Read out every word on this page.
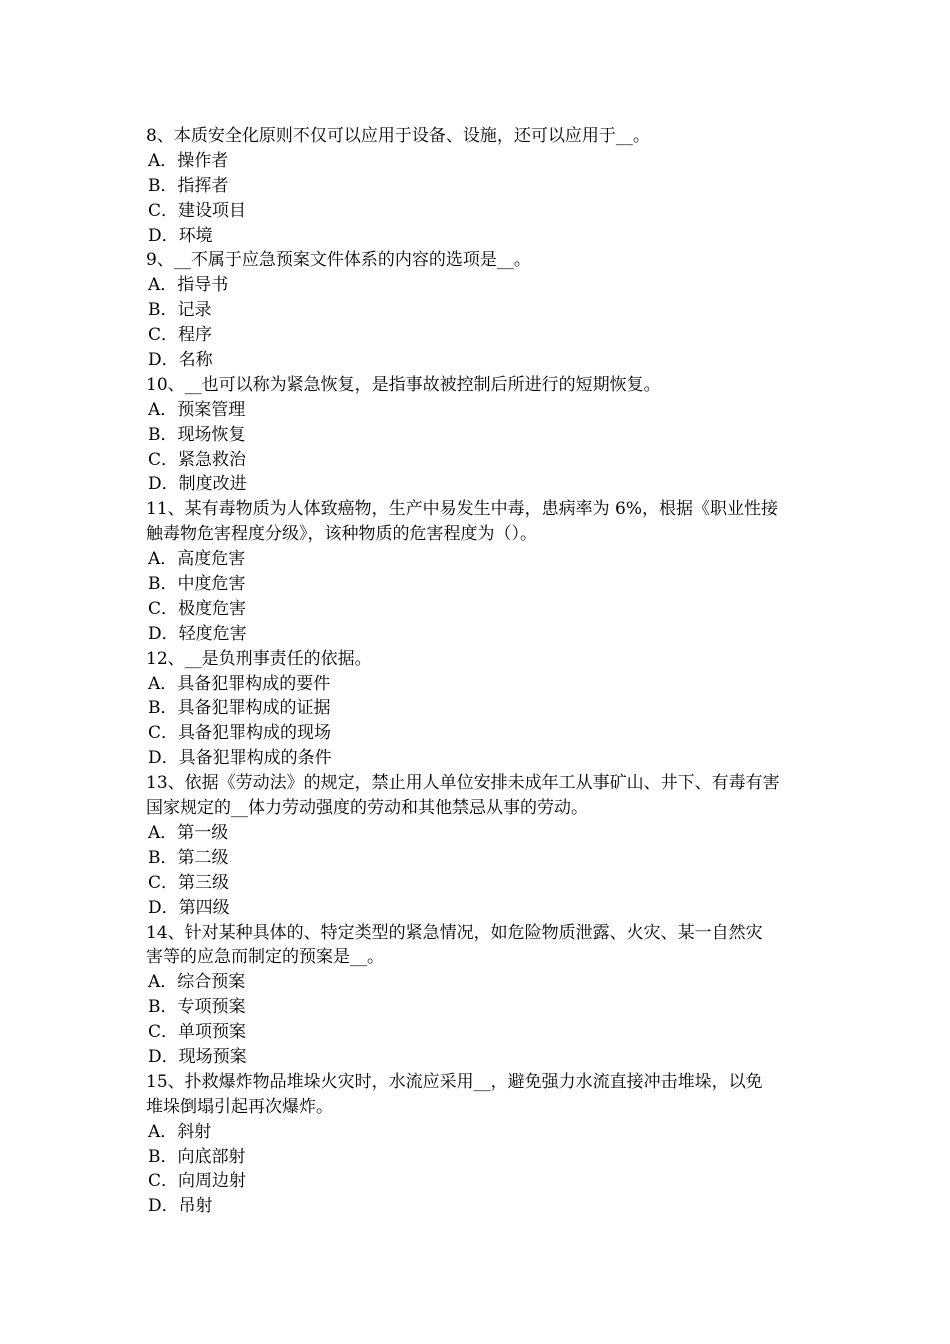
8、本质安全化原则不仅可以应用于设备、设施，还可以应用于__。
A．操作者
B．指挥者
C．建设项目
D．环境
9、__不属于应急预案文件体系的内容的选项是__。
A．指导书
B．记录
C．程序
D．名称
10、__也可以称为紧急恢复，是指事故被控制后所进行的短期恢复。
A．预案管理
B．现场恢复
C．紧急救治
D．制度改进
11、某有毒物质为人体致癌物，生产中易发生中毒，患病率为 6%，根据《职业性接
触毒物危害程度分级》，该种物质的危害程度为（）。
A．高度危害
B．中度危害
C．极度危害
D．轻度危害
12、__是负刑事责任的依据。
A．具备犯罪构成的要件
B．具备犯罪构成的证据
C．具备犯罪构成的现场
D．具备犯罪构成的条件
13、依据《劳动法》的规定，禁止用人单位安排未成年工从事矿山、井下、有毒有害
国家规定的__体力劳动强度的劳动和其他禁忌从事的劳动。
A．第一级
B．第二级
C．第三级
D．第四级
14、针对某种具体的、特定类型的紧急情况，如危险物质泄露、火灾、某一自然灾
害等的应急而制定的预案是__。
A．综合预案
B．专项预案
C．单项预案
D．现场预案
15、扑救爆炸物品堆垛火灾时，水流应采用__，避免强力水流直接冲击堆垛，以免
堆垛倒塌引起再次爆炸。
A．斜射
B．向底部射
C．向周边射
D．吊射
